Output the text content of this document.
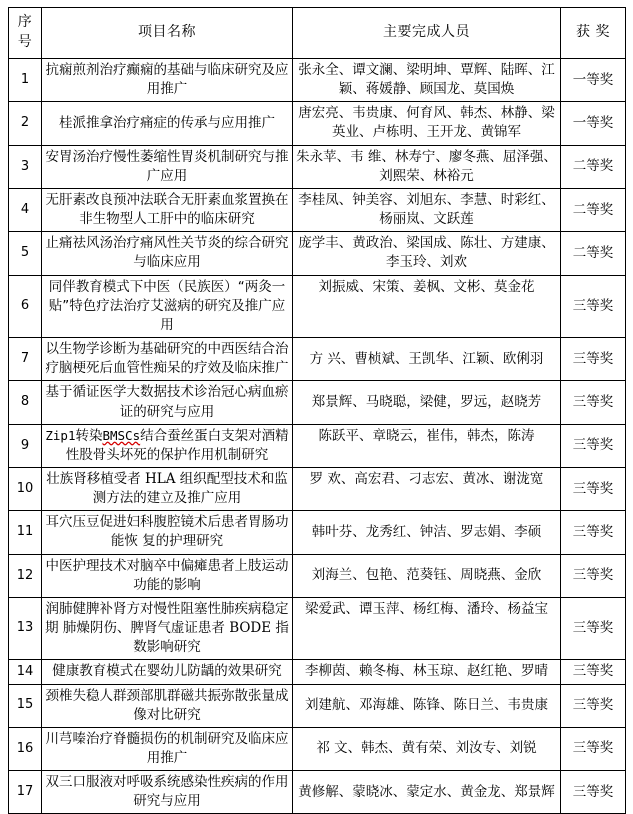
序
号	项目名称	主要完成人员	获 奖
1	抗痫煎剂治疗癫痫的基础与临床研究及应用推广	张永全、谭文澜、梁明坤、覃辉、陆晖、江颖、蒋媛静、顾国龙、莫国焕	一等奖
2	桂派推拿治疗痛症的传承与应用推广	唐宏亮、韦贵康、何育风、韩杰、林静、梁英业、卢栋明、王开龙、黄锦军	一等奖
3	安胃汤治疗慢性萎缩性胃炎机制研究与推广应用	朱永苹、韦 维、林寿宁、廖冬燕、屈泽强、刘熙荣、林裕元	二等奖
4	无肝素改良预冲法联合无肝素血浆置换在非生物型人工肝中的临床研究	李桂凤、钟美容、刘旭东、李慧、时彩红、杨丽岚、文跃莲	二等奖
5	止痛祛风汤治疗痛风性关节炎的综合研究与临床应用	庞学丰、黄政治、梁国成、陈壮、方建康、李玉玲、刘欢	二等奖
6	同伴教育模式下中医（民族医）“两灸一贴”特色疗法治疗艾滋病的研究及推广应用	刘振威、宋策、姜枫、文彬、莫金花	三等奖
7	以生物学诊断为基础研究的中西医结合治疗脑梗死后血管性痴呆的疗效及临床推广	方 兴、曹桢斌、王凯华、江颖、欧俐羽	三等奖
8	基于循证医学大数据技术诊治冠心病血瘀证的研究与应用	郑景辉、马晓聪，梁健，罗远，赵晓芳	三等奖
9	Zip1转染BMSCs结合蚕丝蛋白支架对酒精性股骨头坏死的保护作用机制研究	陈跃平、章晓云，崔伟，韩杰，陈涛	三等奖
10	壮族肾移植受者 HLA 组织配型技术和监测方法的建立及推广应用	罗 欢、高宏君、刁志宏、黄冰、谢泷宽	三等奖
11	耳穴压豆促进妇科腹腔镜术后患者胃肠功能恢 复的护理研究	韩叶芬、龙秀红、钟洁、罗志娟、李硕	三等奖
12	中医护理技术对脑卒中偏瘫患者上肢运动功能的影响	刘海兰、包艳、范葵钰、周晓燕、金欣	三等奖
13	润肺健脾补肾方对慢性阻塞性肺疾病稳定期 肺燥阴伤、脾肾气虚证患者 BODE 指数影响研究	梁爱武、谭玉萍、杨红梅、潘玲、杨益宝	三等奖
14	健康教育模式在婴幼儿防龋的效果研究	李柳茵、赖冬梅、林玉琼、赵红艳、罗晴	三等奖
15	颈椎失稳人群颈部肌群磁共振弥散张量成像对比研究	刘建航、邓海雄、陈锋、陈日兰、韦贵康	三等奖
16	川芎嗪治疗脊髓损伤的机制研究及临床应用推广	祁 文、韩杰、黄有荣、刘汝专、刘锐	三等奖
17	双三口服液对呼吸系统感染性疾病的作用研究与应用	黄修解、蒙晓冰、蒙定水、黄金龙、郑景辉	三等奖
